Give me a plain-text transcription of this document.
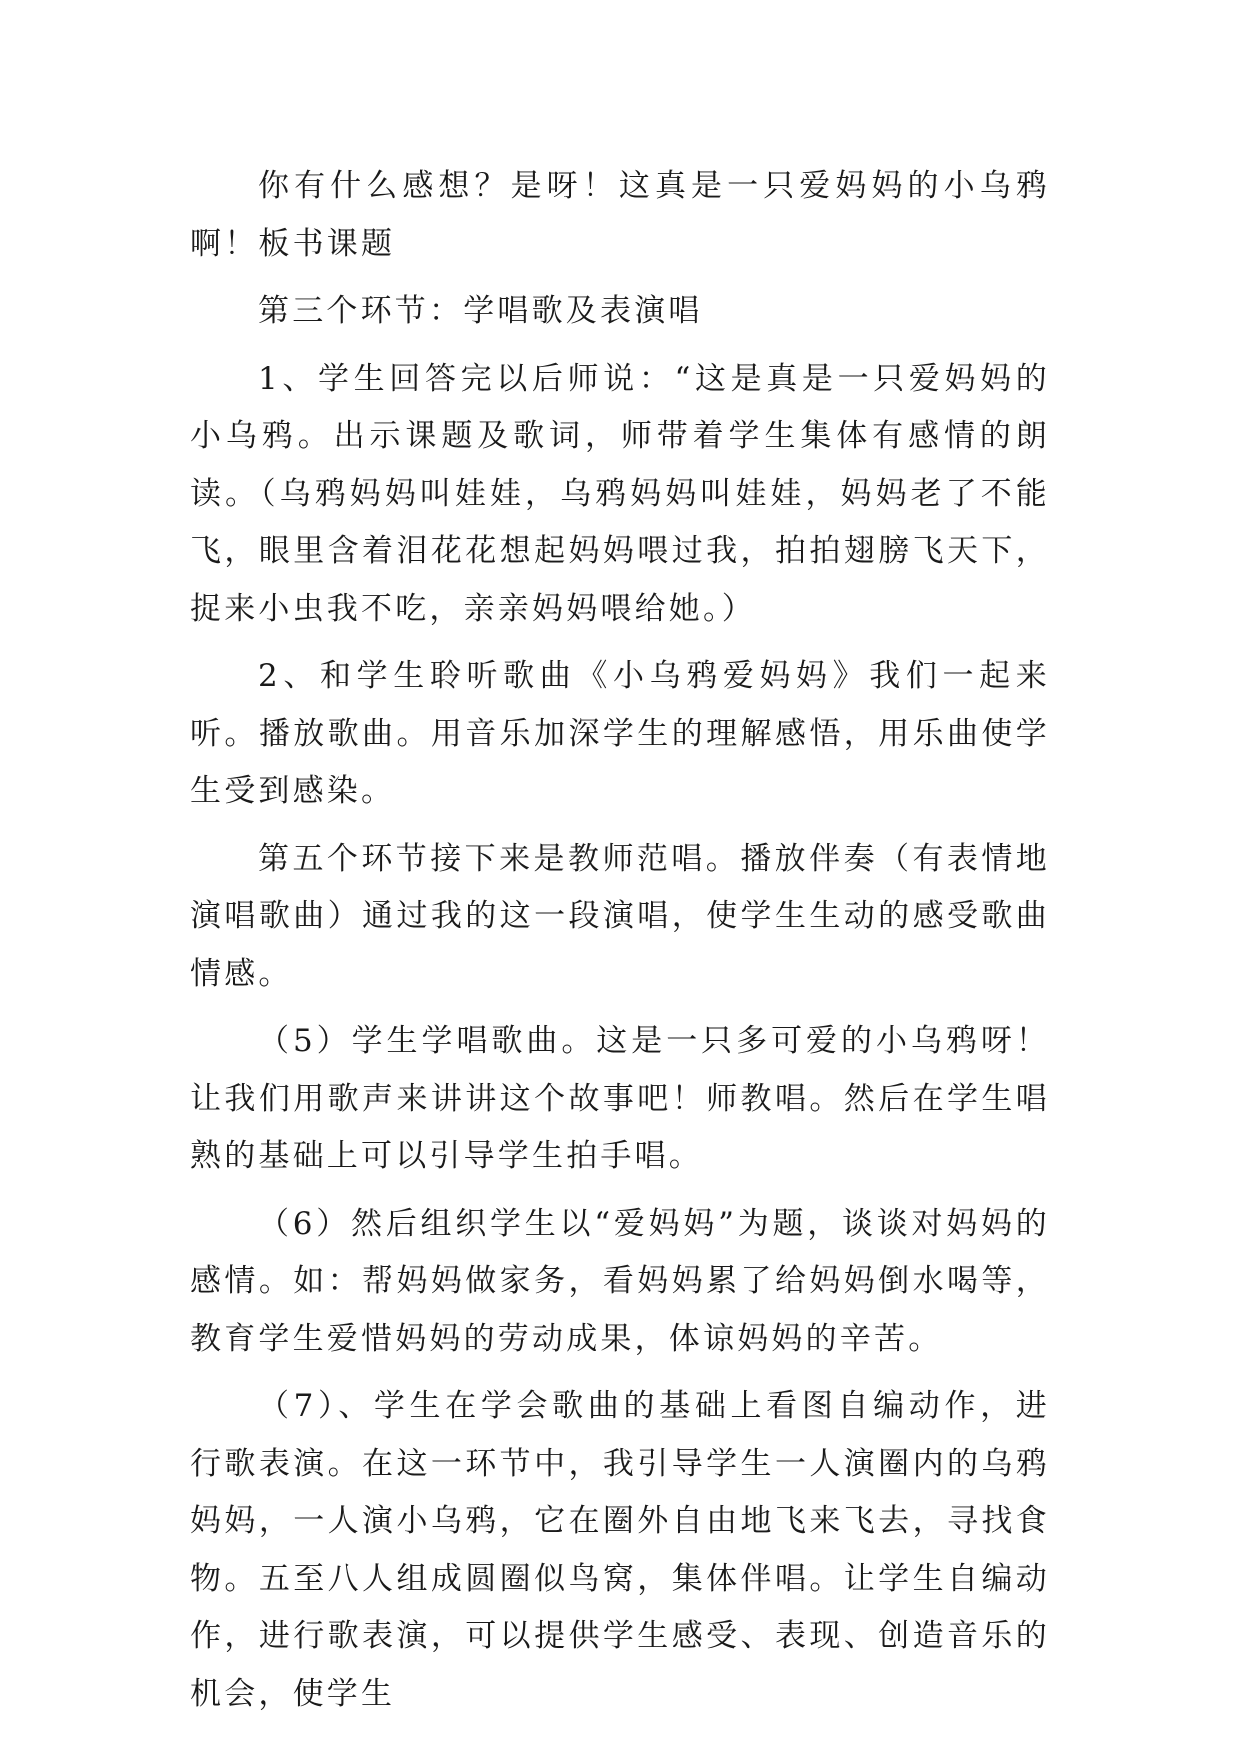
你有什么感想？是呀！这真是一只爱妈妈的小乌鸦啊！板书课题

第三个环节：学唱歌及表演唱

1、学生回答完以后师说：“这是真是一只爱妈妈的小乌鸦。出示课题及歌词，师带着学生集体有感情的朗读。（乌鸦妈妈叫娃娃，乌鸦妈妈叫娃娃，妈妈老了不能飞，眼里含着泪花花想起妈妈喂过我，拍拍翅膀飞天下，捉来小虫我不吃，亲亲妈妈喂给她。）

2、和学生聆听歌曲《小乌鸦爱妈妈》我们一起来听。播放歌曲。用音乐加深学生的理解感悟，用乐曲使学生受到感染。

第五个环节接下来是教师范唱。播放伴奏（有表情地演唱歌曲）通过我的这一段演唱，使学生生动的感受歌曲情感。

（5）学生学唱歌曲。这是一只多可爱的小乌鸦呀！让我们用歌声来讲讲这个故事吧！师教唱。然后在学生唱熟的基础上可以引导学生拍手唱。

（6）然后组织学生以“爱妈妈”为题，谈谈对妈妈的感情。如：帮妈妈做家务，看妈妈累了给妈妈倒水喝等，教育学生爱惜妈妈的劳动成果，体谅妈妈的辛苦。

（7）、学生在学会歌曲的基础上看图自编动作，进行歌表演。在这一环节中，我引导学生一人演圈内的乌鸦妈妈，一人演小乌鸦，它在圈外自由地飞来飞去，寻找食物。五至八人组成圆圈似鸟窝，集体伴唱。让学生自编动作，进行歌表演，可以提供学生感受、表现、创造音乐的机会，使学生
